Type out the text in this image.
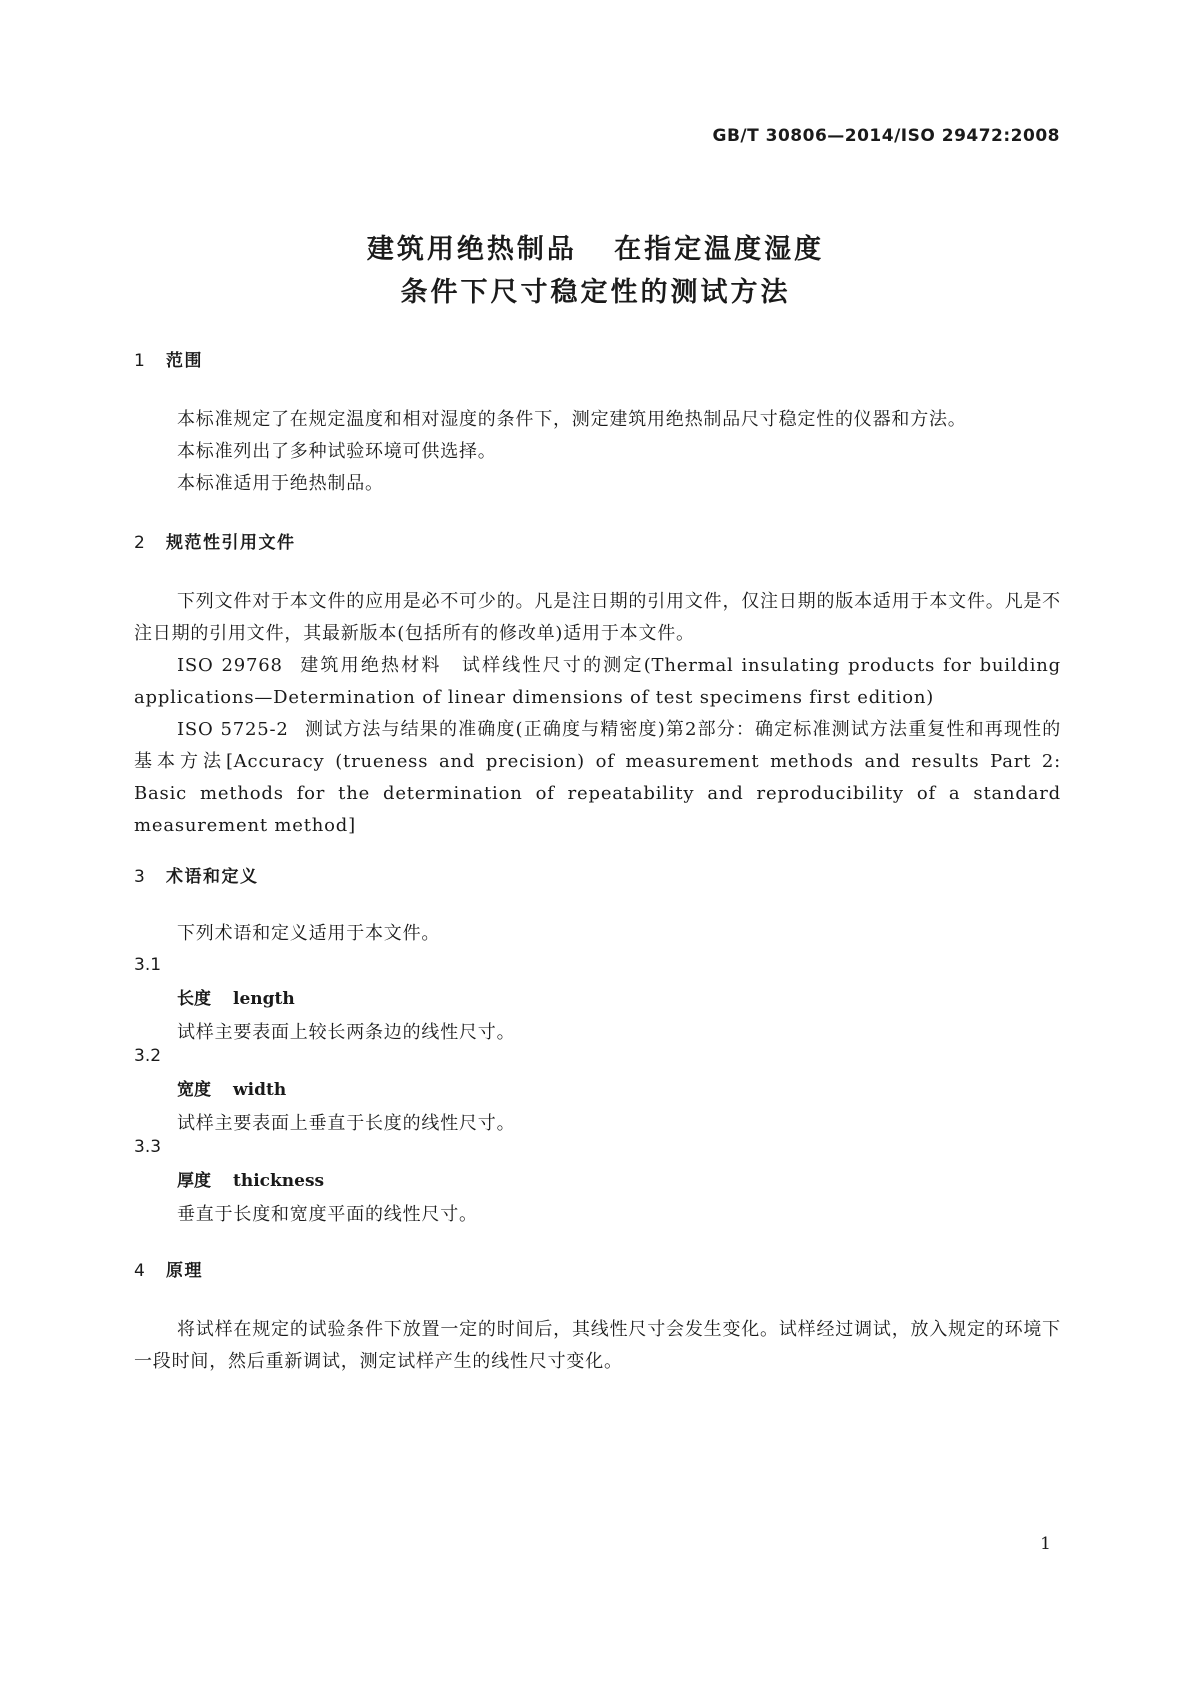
GB/T 30806—2014/ISO 29472:2008
建筑用绝热制品   在指定温度湿度
条件下尺寸稳定性的测试方法
1 范围
本标准规定了在规定温度和相对湿度的条件下，测定建筑用绝热制品尺寸稳定性的仪器和方法。
本标准列出了多种试验环境可供选择。
本标准适用于绝热制品。
2 规范性引用文件
下列文件对于本文件的应用是必不可少的。凡是注日期的引用文件，仅注日期的版本适用于本文件。凡是不注日期的引用文件，其最新版本(包括所有的修改单)适用于本文件。
ISO 29768 建筑用绝热材料　试样线性尺寸的测定(Thermal insulating products for building applications—Determination of linear dimensions of test specimens first edition)
ISO 5725-2 测试方法与结果的准确度(正确度与精密度)第2部分：确定标准测试方法重复性和再现性的基本方法[Accuracy (trueness and precision) of measurement methods and results Part 2: Basic methods for the determination of repeatability and reproducibility of a standard measurement method]
3 术语和定义
下列术语和定义适用于本文件。
3.1
长度 length
试样主要表面上较长两条边的线性尺寸。
3.2
宽度 width
试样主要表面上垂直于长度的线性尺寸。
3.3
厚度 thickness
垂直于长度和宽度平面的线性尺寸。
4 原理
将试样在规定的试验条件下放置一定的时间后，其线性尺寸会发生变化。试样经过调试，放入规定的环境下一段时间，然后重新调试，测定试样产生的线性尺寸变化。
1
